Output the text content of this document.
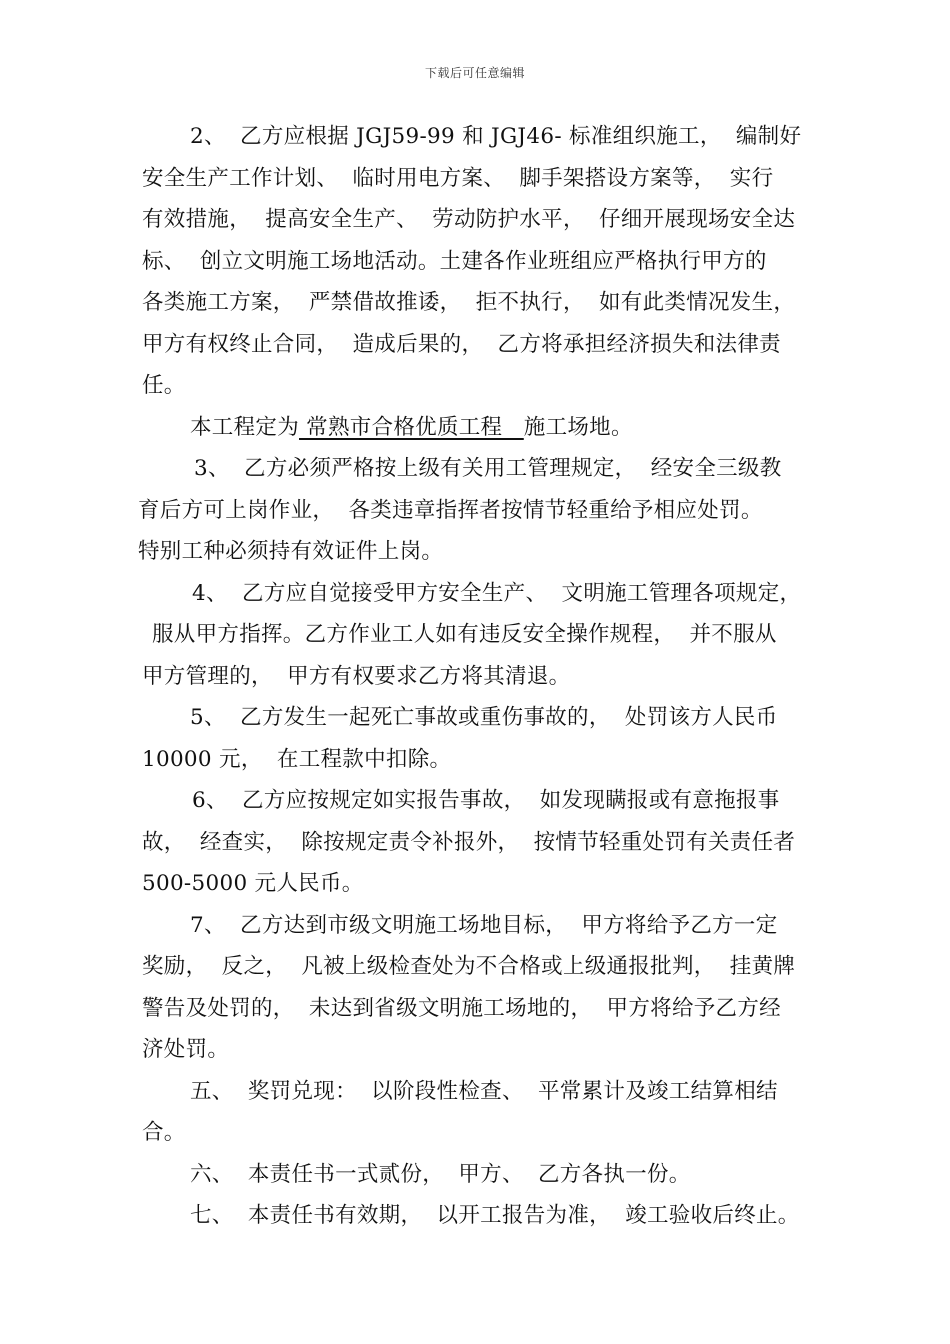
下载后可任意编辑
2、  乙方应根据 JGJ59-99 和 JGJ46- 标准组织施工，  编制好
安全生产工作计划、  临时用电方案、  脚手架搭设方案等，  实行
有效措施，  提高安全生产、  劳动防护水平，  仔细开展现场安全达
标、  创立文明施工场地活动。土建各作业班组应严格执行甲方的
各类施工方案，  严禁借故推诿，  拒不执行，  如有此类情况发生，
甲方有权终止合同，  造成后果的，  乙方将承担经济损失和法律责
任。
本工程定为 常熟市合格优质工程   施工场地。
3、  乙方必须严格按上级有关用工管理规定，  经安全三级教
育后方可上岗作业，  各类违章指挥者按情节轻重给予相应处罚。
特别工种必须持有效证件上岗。
4、  乙方应自觉接受甲方安全生产、  文明施工管理各项规定，
服从甲方指挥。乙方作业工人如有违反安全操作规程，  并不服从
甲方管理的，  甲方有权要求乙方将其清退。
5、  乙方发生一起死亡事故或重伤事故的，  处罚该方人民币
10000 元，  在工程款中扣除。
6、  乙方应按规定如实报告事故，  如发现瞒报或有意拖报事
故，  经查实，  除按规定责令补报外，  按情节轻重处罚有关责任者
500-5000 元人民币。
7、  乙方达到市级文明施工场地目标，  甲方将给予乙方一定
奖励，  反之，  凡被上级检查处为不合格或上级通报批判，  挂黄牌
警告及处罚的，  未达到省级文明施工场地的，  甲方将给予乙方经
济处罚。
五、  奖罚兑现：  以阶段性检查、  平常累计及竣工结算相结
合。
六、  本责任书一式贰份，  甲方、  乙方各执一份。
七、  本责任书有效期，  以开工报告为准，  竣工验收后终止。
